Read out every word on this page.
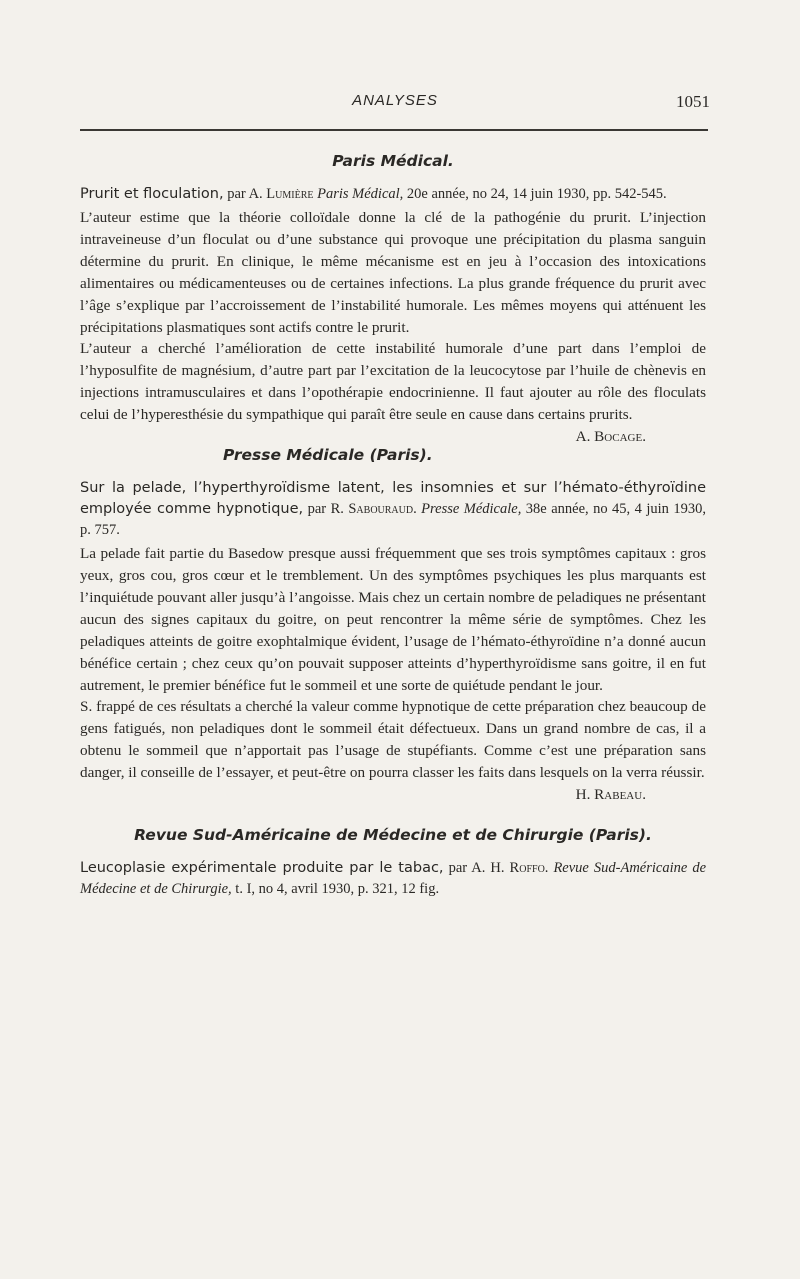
ANALYSES	1051
Paris Médical.
Prurit et floculation, par A. Lumière Paris Médical, 20e année, no 24, 14 juin 1930, pp. 542-545.

L’auteur estime que la théorie colloïdale donne la clé de la pathogénie du prurit. L’injection intraveineuse d’un floculat ou d’une substance qui provoque une précipitation du plasma sanguin détermine du prurit. En clinique, le même mécanisme est en jeu à l’occasion des intoxications alimentaires ou médicamenteuses ou de certaines infections. La plus grande fréquence du prurit avec l’âge s’explique par l’accroissement de l’instabilité humorale. Les mêmes moyens qui atténuent les précipitations plasmatiques sont actifs contre le prurit.

L’auteur a cherché l’amélioration de cette instabilité humorale d’une part dans l’emploi de l’hyposulfite de magnésium, d’autre part par l’excitation de la leucocytose par l’huile de chènevis en injections intramusculaires et dans l’opothérapie endocrinienne. Il faut ajouter au rôle des floculats celui de l’hyperesthésie du sympathique qui paraît être seule en cause dans certains prurits.
A. Bocage.

Presse Médicale (Paris).
Sur la pelade, l’hyperthyroïdisme latent, les insomnies et sur l’hémato-éthyroïdine employée comme hypnotique, par R. Sabouraud. Presse Médicale, 38e année, no 45, 4 juin 1930, p. 757.

La pelade fait partie du Basedow presque aussi fréquemment que ses trois symptômes capitaux : gros yeux, gros cou, gros cœur et le tremblement. Un des symptômes psychiques les plus marquants est l’inquiétude pouvant aller jusqu’à l’angoisse. Mais chez un certain nombre de peladiques ne présentant aucun des signes capitaux du goitre, on peut rencontrer la même série de symptômes. Chez les peladiques atteints de goitre exophtalmique évident, l’usage de l’hémato-éthyroïdine n’a donné aucun bénéfice certain ; chez ceux qu’on pouvait supposer atteints d’hyperthyroïdisme sans goitre, il en fut autrement, le premier bénéfice fut le sommeil et une sorte de quiétude pendant le jour.

S. frappé de ces résultats a cherché la valeur comme hypnotique de cette préparation chez beaucoup de gens fatigués, non peladiques dont le sommeil était défectueux. Dans un grand nombre de cas, il a obtenu le sommeil que n’apportait pas l’usage de stupéfiants. Comme c’est une préparation sans danger, il conseille de l’essayer, et peut-être on pourra classer les faits dans lesquels on la verra réussir.

H. Rabeau.
Revue Sud-Américaine de Médecine et de Chirurgie (Paris).
Leucoplasie expérimentale produite par le tabac, par A. H. Roffo. Revue Sud-Américaine de Médecine et de Chirurgie, t. I, no 4, avril 1930, p. 321, 12 fig.
